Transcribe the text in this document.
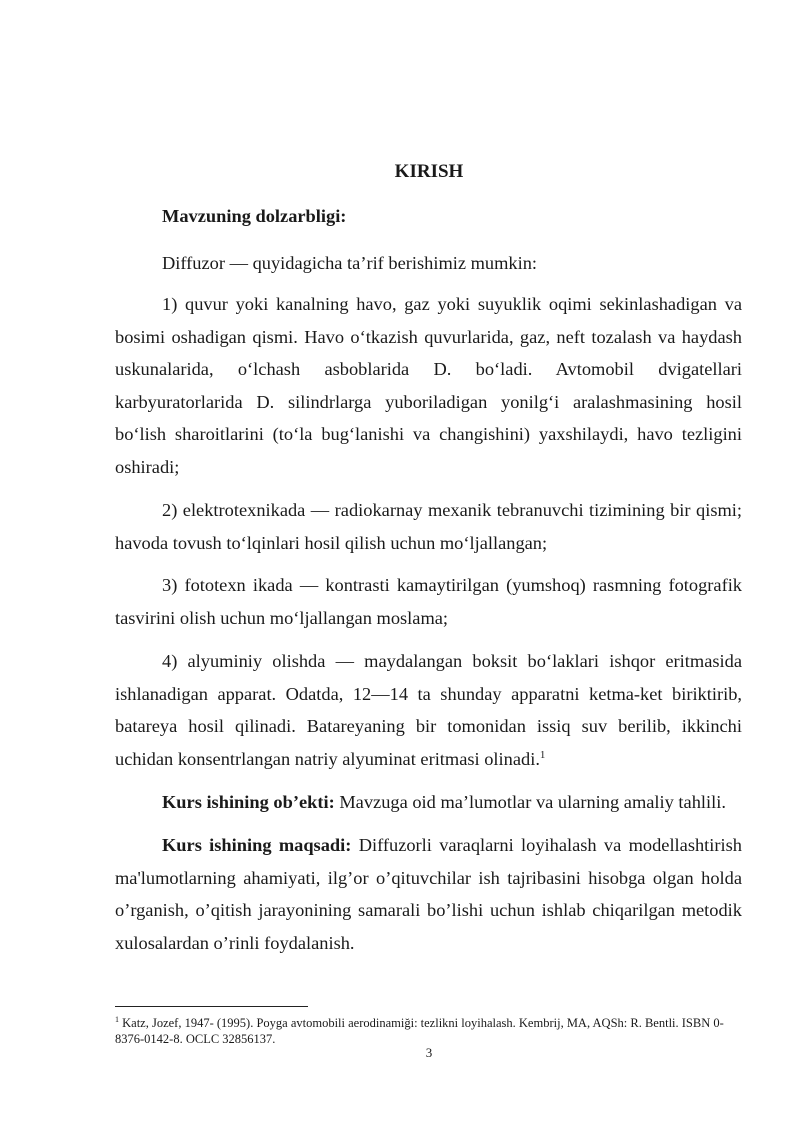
KIRISH

Mavzuning dolzarbligi:

Diffuzor — quyidagicha ta’rif berishimiz mumkin:

1) quvur yoki kanalning havo, gaz yoki suyuklik oqimi sekinlashadigan va bosimi oshadigan qismi. Havo o‘tkazish quvurlarida, gaz, neft tozalash va haydash uskunalarida, o‘lchash asboblarida D. bo‘ladi. Avtomobil dvigatellari karbyuratorlarida D. silindrlarga yuboriladigan yonilg‘i aralashmasining hosil bo‘lish sharoitlarini (to‘la bug‘lanishi va changishini) yaxshilaydi, havo tezligini oshiradi;

2) elektrotexnikada — radiokarnay mexanik tebranuvchi tizimining bir qismi; havoda tovush to‘lqinlari hosil qilish uchun mo‘ljallangan;

3) fototexn ikada — kontrasti kamaytirilgan (yumshoq) rasmning fotografik tasvirini olish uchun mo‘ljallangan moslama;

4) alyuminiy olishda — maydalangan boksit bo‘laklari ishqor eritmasida ishlanadigan apparat. Odatda, 12—14 ta shunday apparatni ketma-ket biriktirib, batareya hosil qilinadi. Batareyaning bir tomonidan issiq suv berilib, ikkinchi uchidan konsentrlangan natriy alyuminat eritmasi olinadi.$^1$

Kurs ishining ob’ekti: Mavzuga oid ma’lumotlar va ularning amaliy tahlili.

Kurs ishining maqsadi: Diffuzorli varaqlarni loyihalash va modellashtirish ma'lumotlarning ahamiyati, ilg’or o’qituvchilar ish tajribasini hisobga olgan holda o’rganish, o’qitish jarayonining samarali bo’lishi uchun ishlab chiqarilgan metodik xulosalardan o’rinli foydalanish.

$^1$ Katz, Jozef, 1947- (1995). Poyga avtomobili aerodinamiği: tezlikni loyihalash. Kembrij, MA, AQSh: R. Bentli. ISBN 0-8376-0142-8. OCLC 32856137.

3
